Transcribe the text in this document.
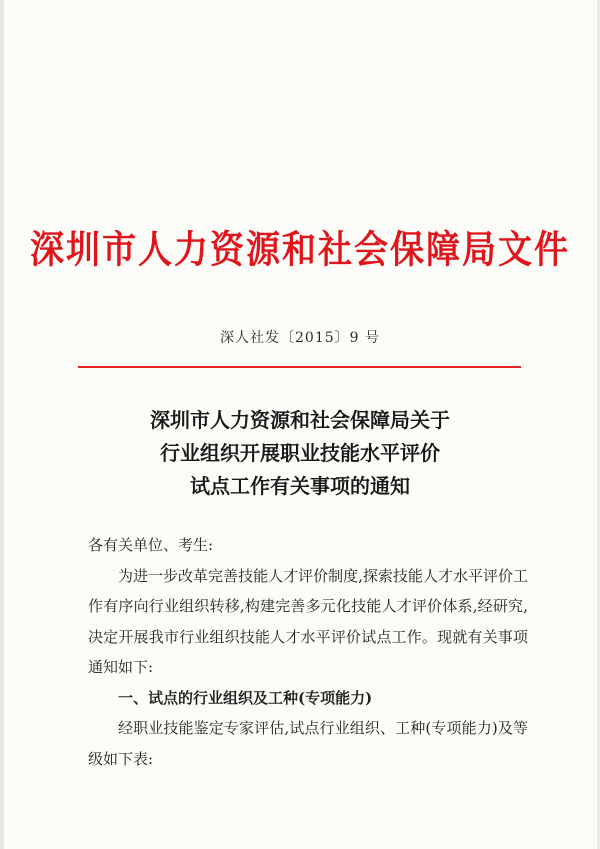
深圳市人力资源和社会保障局文件
深人社发〔2015〕9 号
深圳市人力资源和社会保障局关于
行业组织开展职业技能水平评价
试点工作有关事项的通知

各有关单位、考生:

为进一步改革完善技能人才评价制度,探索技能人才水平评价工作有序向行业组织转移,构建完善多元化技能人才评价体系,经研究,决定开展我市行业组织技能人才水平评价试点工作。现就有关事项通知如下:

一、试点的行业组织及工种(专项能力)

经职业技能鉴定专家评估,试点行业组织、工种(专项能力)及等级如下表:
